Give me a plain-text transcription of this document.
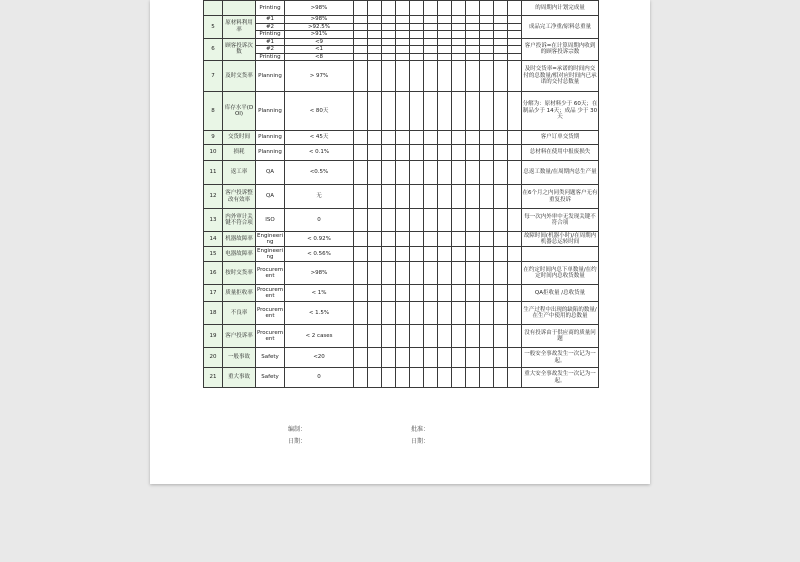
		Printing	>98%													的周期内计划完成量
5	原材料利用率	#1	>98%													成品完工净重/原料总重量
		#2	>92.5%													
		Printing	>91%													
6	顾客投诉次数	#1	<9													客户投诉=在计算周期内收到的顾客投诉宗数
		#2	<1													
		Printing	<8													
7	及时交货率	Planning	> 97%													及时交货率=承诺的时间内交付的总数量/相对应时间内已承诺的交付总数量
8	库存水平(DOI)	Planning	< 80天													分解为：原材料少于 60天；在制品少于 14天；成品 少于 30天
9	交货时间	Planning	< 45天													客户订单交货期
10	损耗	Planning	< 0.1%													总材料在使用中报废损失
11	返工率	QA	<0.5%													总返工数量/在周期内总生产量
12	客户投诉整改有效率	QA	无													在6个月之内同类问题客户无有重复投诉
13	内外审计关键不符合项	ISO	0													每一次内外审中无发现关键不符合项
14	机器故障率	Engineering	< 0.92%													故障时间(机器小时)/在周期内机器总运转时间
15	电器故障率	Engineering	< 0.56%													
16	按时交货率	Procurement	>98%													在约定时间内总下单数量/在约定时间内总收货数量
17	质量拒收率	Procurement	< 1%													QA拒收量 /总收货量
18	不良率	Procurement	< 1.5%													生产过程中出现的缺陷的数量/在生产中使用的总数量
19	客户投诉率	Procurement	< 2 cases													没有投诉由于供应商的质量问题
20	一般事故	Safety	<20													一般安全事故发生一次记为一起。
21	重大事故	Safety	0													重大安全事故发生一次记为一起。
编制：	批准：
日期：	日期：
